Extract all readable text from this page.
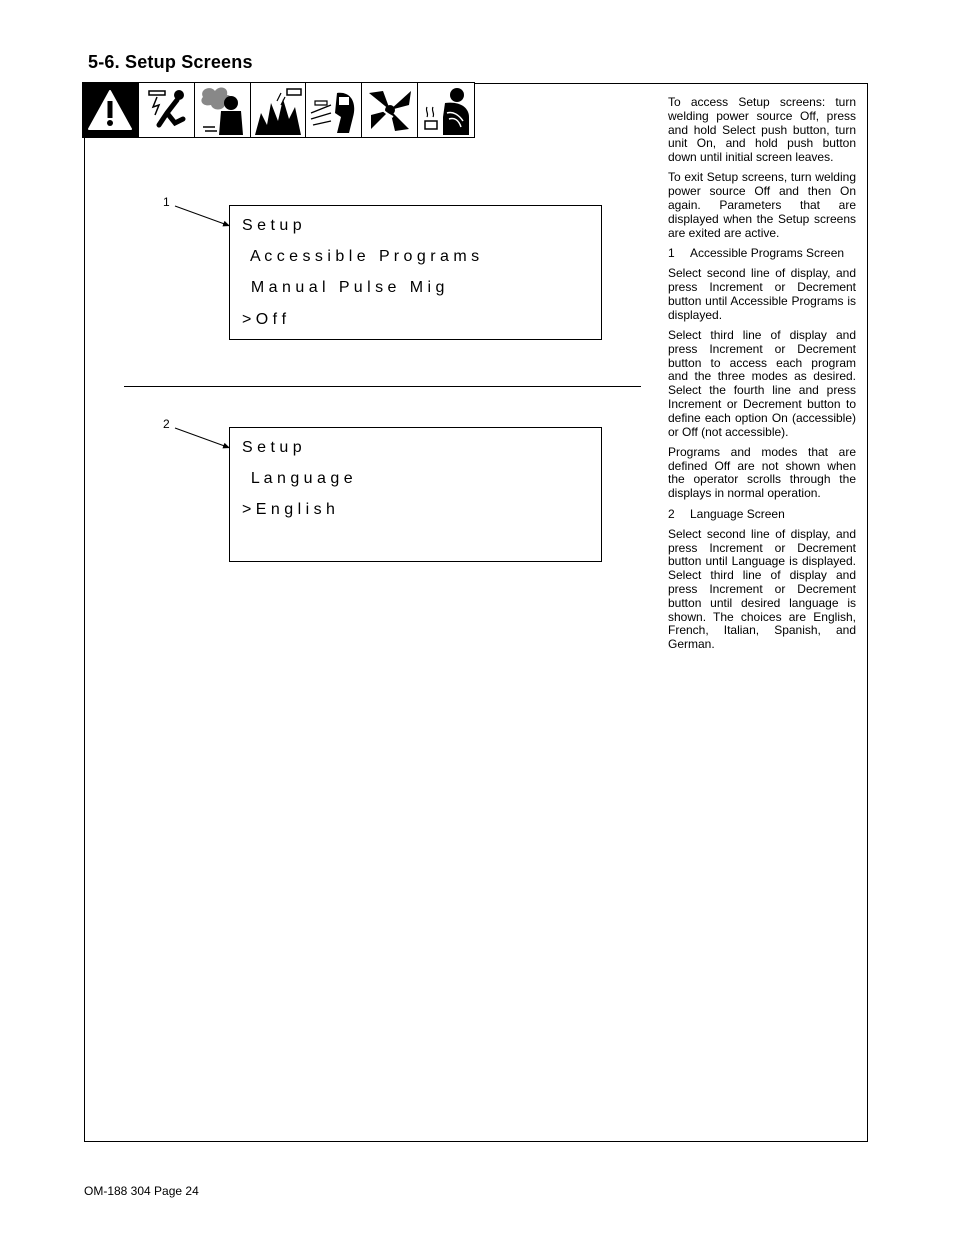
5-6. Setup Screens
1
S e t u p
A c c e s s i b l e   P r o g r a m s
M a n u a l   P u l s e   M i g
> O f f
2
S e t u p
L a n g u a g e
> E n g l i s h

To access Setup screens: turn welding power source Off, press and hold Select push button, turn unit On, and hold push button down until initial screen leaves.

To exit Setup screens, turn welding power source Off and then On again. Parameters that are displayed when the Setup screens are exited are active.

1 Accessible Programs Screen

Select second line of display, and press Increment or Decrement button until Accessible Programs is displayed.

Select third line of display and press Increment or Decrement button to access each program and the three modes as desired. Select the fourth line and press Increment or Decrement button to define each option On (accessible) or Off (not accessible).

Programs and modes that are defined Off are not shown when the operator scrolls through the displays in normal operation.

2 Language Screen

Select second line of display, and press Increment or Decrement button until Language is displayed. Select third line of display and press Increment or Decrement button until desired language is shown. The choices are English, French, Italian, Spanish, and German.

OM-188 304 Page 24
